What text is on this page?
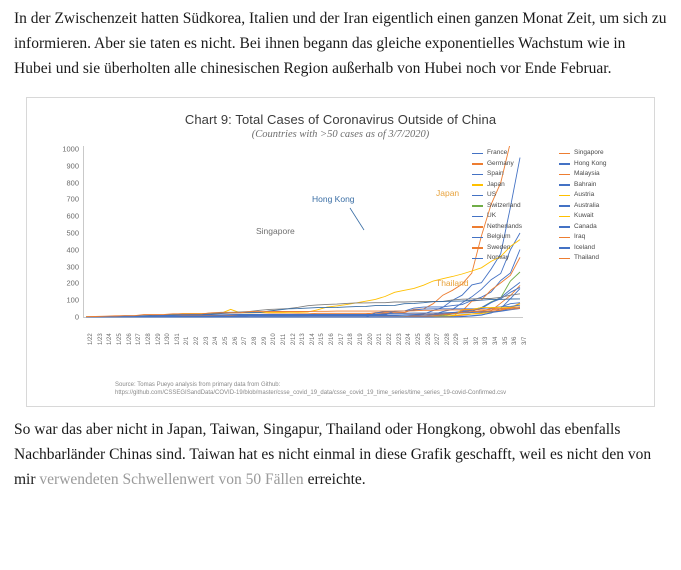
In der Zwischenzeit hatten Südkorea, Italien und der Iran eigentlich einen ganzen Monat Zeit, um sich zu informieren. Aber sie taten es nicht. Bei ihnen begann das gleiche exponentielles Wachstum wie in Hubei und sie überholten alle chinesischen Region außerhalb von Hubei noch vor Ende Februar.

Chart 9: Total Cases of Coronavirus Outside of China
(Countries with >50 cases as of 3/7/2020)
0
100
200
300
400
500
600
700
800
900
1000
Hong Kong
Japan
Singapore
Thailand
1/22 1/23 1/24 1/25 1/26 1/27 1/28 1/29 1/30 1/31 2/1 2/2 2/3 2/4 2/5 2/6 2/7 2/8 2/9 2/10 2/11 2/12 2/13 2/14 2/15 2/16 2/17 2/18 2/19 2/20 2/21 2/22 2/23 2/24 2/25 2/26 2/27 2/28 2/29 3/1 3/2 3/3 3/4 3/5 3/6 3/7
France	Singapore
Germany	Hong Kong
Spain	Malaysia
Japan	Bahrain
US	Austria
Switzerland	Australia
UK	Kuwait
Netherlands	Canada
Belgium	Iraq
Sweden	Iceland
Norway	Thailand
Source: Tomas Pueyo analysis from primary data from Github:
https://github.com/CSSEGISandData/COVID-19/blob/master/csse_covid_19_data/csse_covid_19_time_series/time_series_19-covid-Confirmed.csv

So war das aber nicht in Japan, Taiwan, Singapur, Thailand oder Hongkong, obwohl das ebenfalls Nachbarländer Chinas sind. Taiwan hat es nicht einmal in diese Grafik geschafft, weil es nicht den von mir verwendeten Schwellenwert von 50 Fällen erreichte.
